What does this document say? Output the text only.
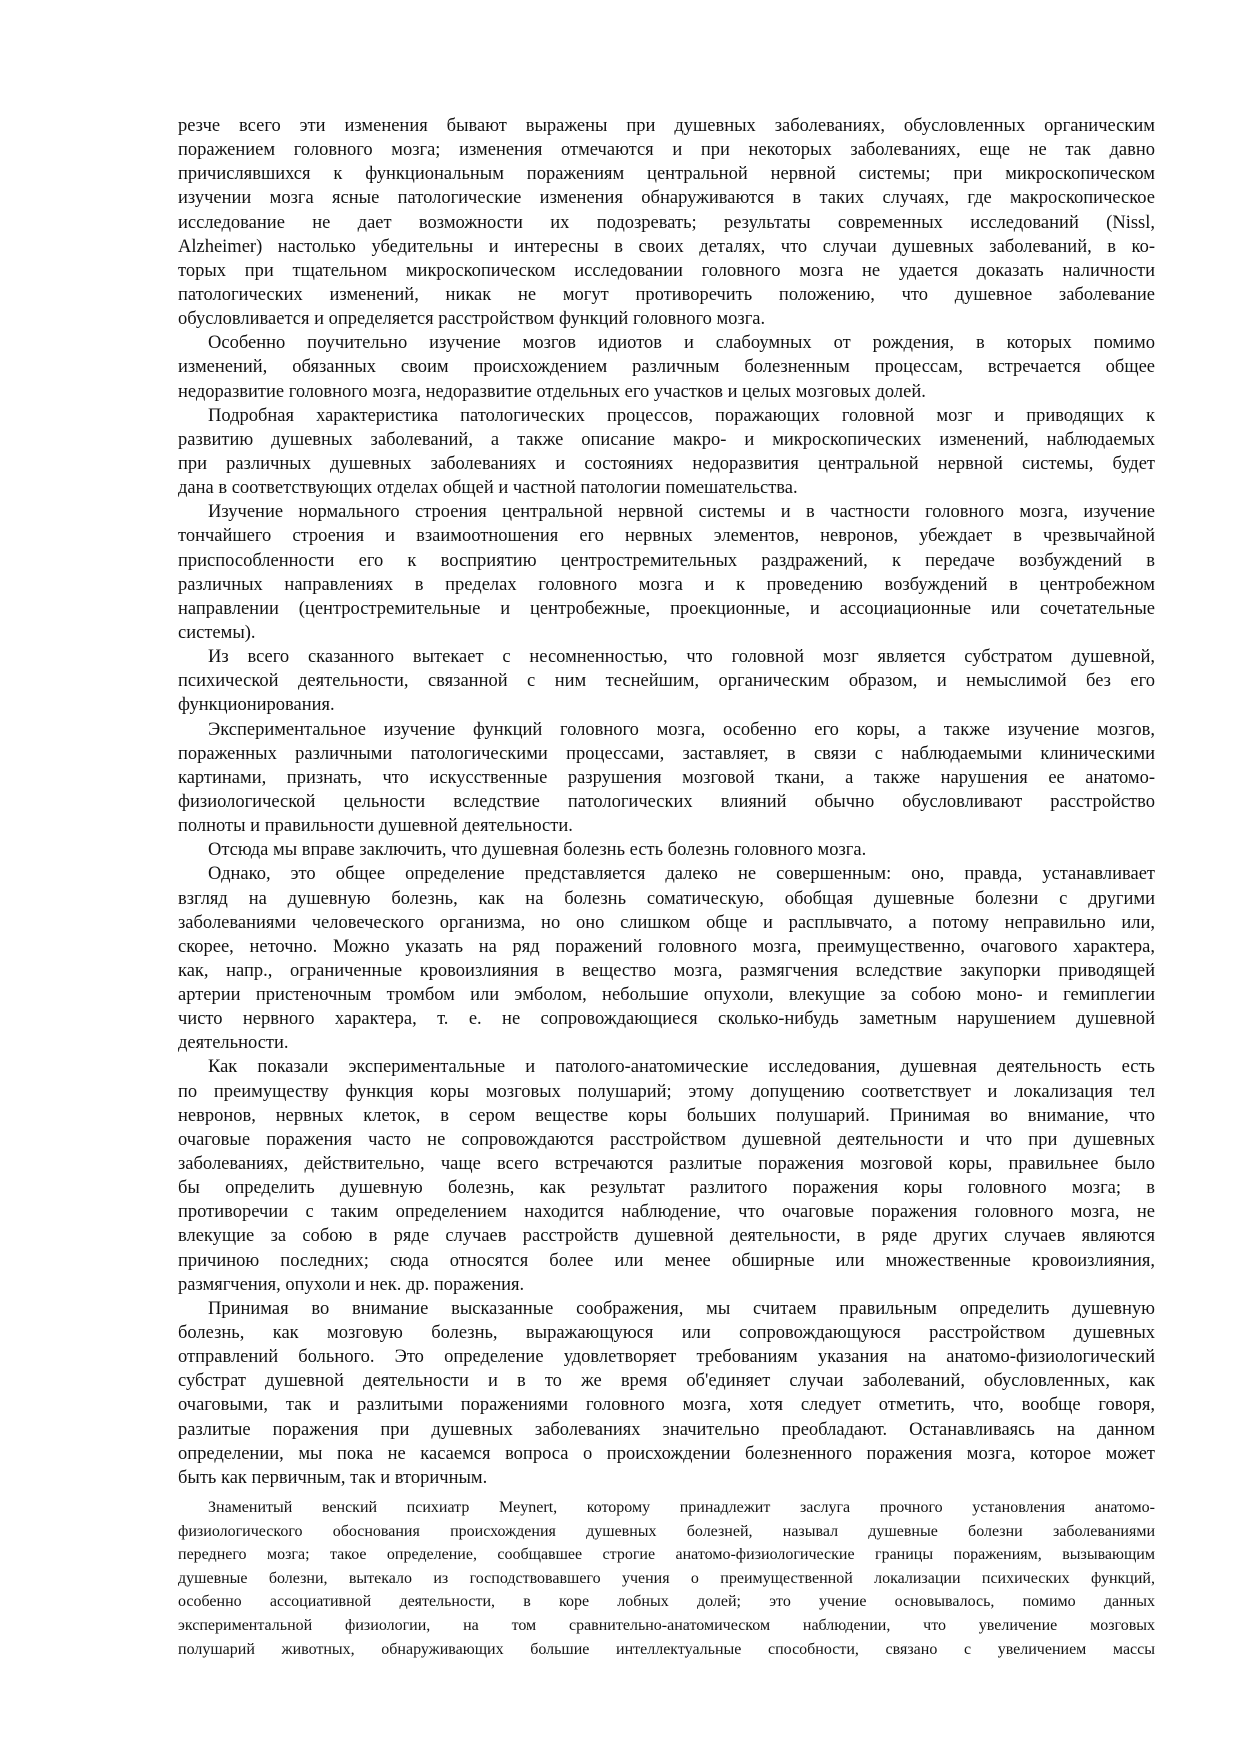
резче всего эти изменения бывают выражены при душевных заболеваниях, обусловленных органическим
поражением головного мозга; изменения отмечаются и при некоторых заболеваниях, еще не так давно
причислявшихся к функциональным поражениям центральной нервной системы; при микроскопическом
изучении мозга ясные патологические изменения обнаруживаются в таких случаях, где макроскопическое
исследование не дает возможности их подозревать; результаты современных исследований (Nissl,
Alzheimer) настолько убедительны и интересны в своих деталях, что случаи душевных заболеваний, в ко-
торых при тщательном микроскопическом исследовании головного мозга не удается доказать наличности
патологических изменений, никак не могут противоречить положению, что душевное заболевание
обусловливается и определяется расстройством функций головного мозга.
Особенно поучительно изучение мозгов идиотов и слабоумных от рождения, в которых помимо
изменений, обязанных своим происхождением различным болезненным процессам, встречается общее
недоразвитие головного мозга, недоразвитие отдельных его участков и целых мозговых долей.
Подробная характеристика патологических процессов, поражающих головной мозг и приводящих к
развитию душевных заболеваний, а также описание макро- и микроскопических изменений, наблюдаемых
при различных душевных заболеваниях и состояниях недоразвития центральной нервной системы, будет
дана в соответствующих отделах общей и частной патологии помешательства.
Изучение нормального строения центральной нервной системы и в частности головного мозга, изучение
тончайшего строения и взаимоотношения его нервных элементов, невронов, убеждает в чрезвычайной
приспособленности его к восприятию центростремительных раздражений, к передаче возбуждений в
различных направлениях в пределах головного мозга и к проведению возбуждений в центробежном
направлении (центростремительные и центробежные, проекционные, и ассоциационные или сочетательные
системы).
Из всего сказанного вытекает с несомненностью, что головной мозг является субстратом душевной,
психической деятельности, связанной с ним теснейшим, органическим образом, и немыслимой без его
функционирования.
Экспериментальное изучение функций головного мозга, особенно его коры, а также изучение мозгов,
пораженных различными патологическими процессами, заставляет, в связи с наблюдаемыми клиническими
картинами, признать, что искусственные разрушения мозговой ткани, а также нарушения ее анатомо-
физиологической цельности вследствие патологических влияний обычно обусловливают расстройство
полноты и правильности душевной деятельности.
Отсюда мы вправе заключить, что душевная болезнь есть болезнь головного мозга.
Однако, это общее определение представляется далеко не совершенным: оно, правда, устанавливает
взгляд на душевную болезнь, как на болезнь соматическую, обобщая душевные болезни с другими
заболеваниями человеческого организма, но оно слишком обще и расплывчато, а потому неправильно или,
скорее, неточно. Можно указать на ряд поражений головного мозга, преимущественно, очагового характера,
как, напр., ограниченные кровоизлияния в вещество мозга, размягчения вследствие закупорки приводящей
артерии пристеночным тромбом или эмболом, небольшие опухоли, влекущие за собою моно- и гемиплегии
чисто нервного характера, т. е. не сопровождающиеся сколько-нибудь заметным нарушением душевной
деятельности.
Как показали экспериментальные и патолого-анатомические исследования, душевная деятельность есть
по преимуществу функция коры мозговых полушарий; этому допущению соответствует и локализация тел
невронов, нервных клеток, в сером веществе коры больших полушарий. Принимая во внимание, что
очаговые поражения часто не сопровождаются расстройством душевной деятельности и что при душевных
заболеваниях, действительно, чаще всего встречаются разлитые поражения мозговой коры, правильнее было
бы определить душевную болезнь, как результат разлитого поражения коры головного мозга; в
противоречии с таким определением находится наблюдение, что очаговые поражения головного мозга, не
влекущие за собою в ряде случаев расстройств душевной деятельности, в ряде других случаев являются
причиною последних; сюда относятся более или менее обширные или множественные кровоизлияния,
размягчения, опухоли и нек. др. поражения.
Принимая во внимание высказанные соображения, мы считаем правильным определить душевную
болезнь, как мозговую болезнь, выражающуюся или сопровождающуюся расстройством душевных
отправлений больного. Это определение удовлетворяет требованиям указания на анатомо-физиологический
субстрат душевной деятельности и в то же время об'единяет случаи заболеваний, обусловленных, как
очаговыми, так и разлитыми поражениями головного мозга, хотя следует отметить, что, вообще говоря,
разлитые поражения при душевных заболеваниях значительно преобладают. Останавливаясь на данном
определении, мы пока не касаемся вопроса о происхождении болезненного поражения мозга, которое может
быть как первичным, так и вторичным.
Знаменитый венский психиатр Meynert, которому принадлежит заслуга прочного установления анатомо-
физиологического обоснования происхождения душевных болезней, называл душевные болезни заболеваниями
переднего мозга; такое определение, сообщавшее строгие анатомо-физиологические границы поражениям, вызывающим
душевные болезни, вытекало из господствовавшего учения о преимущественной локализации психических функций,
особенно ассоциативной деятельности, в коре лобных долей; это учение основывалось, помимо данных
экспериментальной физиологии, на том сравнительно-анатомическом наблюдении, что увеличение мозговых
полушарий животных, обнаруживающих большие интеллектуальные способности, связано с увеличением массы
